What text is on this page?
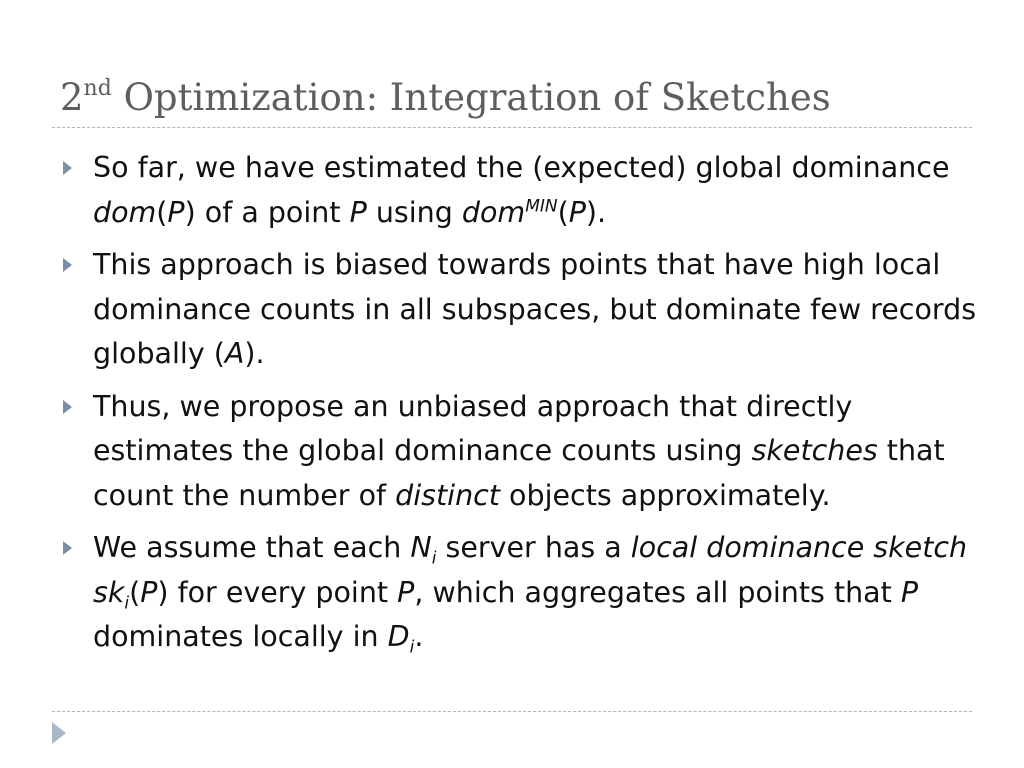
2nd Optimization: Integration of Sketches
So far, we have estimated the (expected) global dominance dom(P) of a point P using dom$^{MIN}$(P).
This approach is biased towards points that have high local dominance counts in all subspaces, but dominate few records globally (A).
Thus, we propose an unbiased approach that directly estimates the global dominance counts using sketches that count the number of distinct objects approximately.
We assume that each $N_i$ server has a local dominance sketch $sk_i(P)$ for every point P, which aggregates all points that P dominates locally in $D_i$.
